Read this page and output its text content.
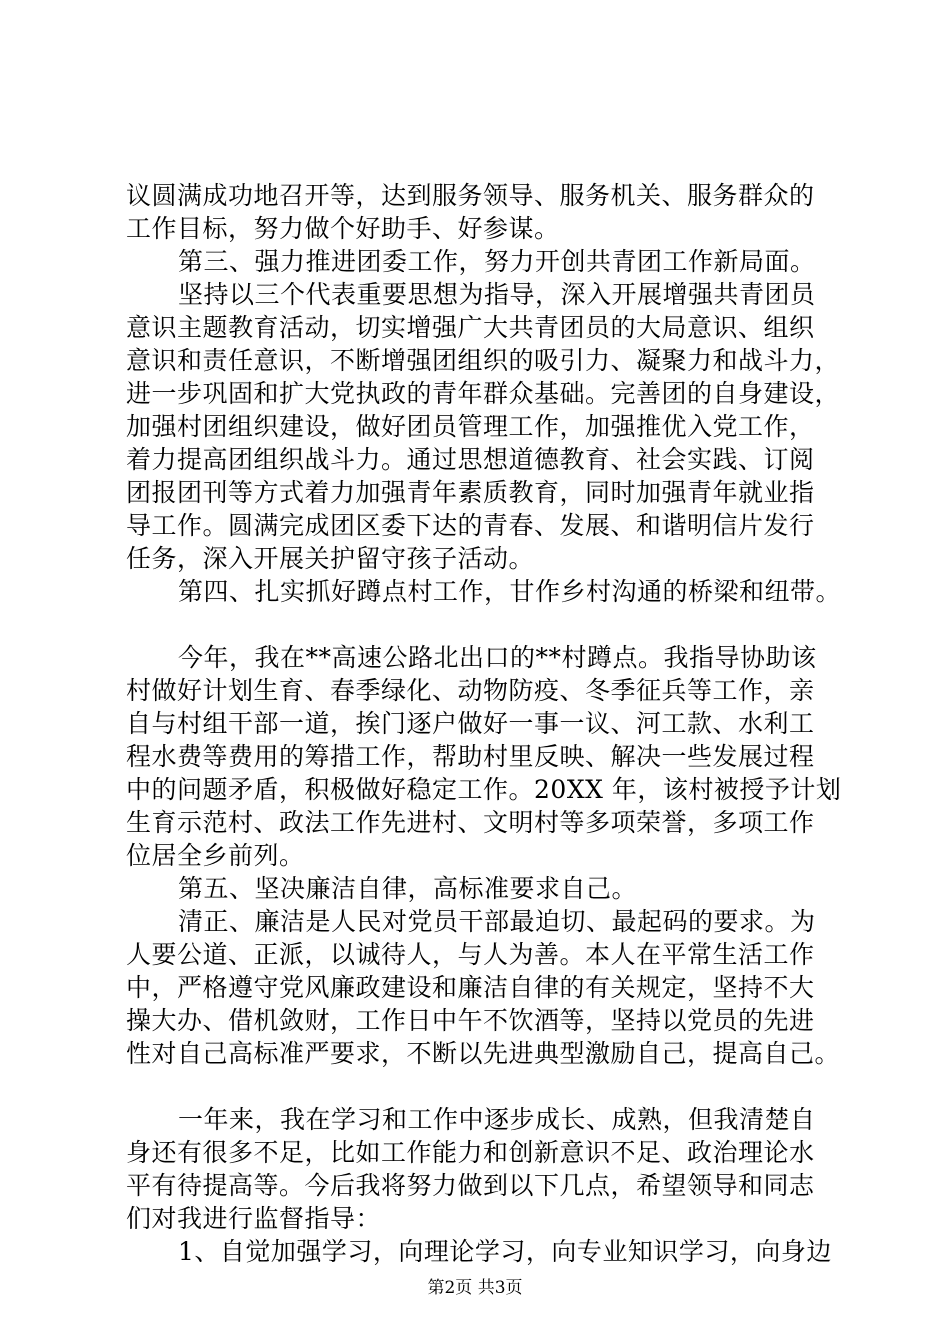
议圆满成功地召开等，达到服务领导、服务机关、服务群众的
工作目标，努力做个好助手、好参谋。
第三、强力推进团委工作，努力开创共青团工作新局面。
坚持以三个代表重要思想为指导，深入开展增强共青团员
意识主题教育活动，切实增强广大共青团员的大局意识、组织
意识和责任意识，不断增强团组织的吸引力、凝聚力和战斗力，
进一步巩固和扩大党执政的青年群众基础。完善团的自身建设，
加强村团组织建设，做好团员管理工作，加强推优入党工作，
着力提高团组织战斗力。通过思想道德教育、社会实践、订阅
团报团刊等方式着力加强青年素质教育，同时加强青年就业指
导工作。圆满完成团区委下达的青春、发展、和谐明信片发行
任务，深入开展关护留守孩子活动。
第四、扎实抓好蹲点村工作，甘作乡村沟通的桥梁和纽带。
今年，我在**高速公路北出口的**村蹲点。我指导协助该
村做好计划生育、春季绿化、动物防疫、冬季征兵等工作，亲
自与村组干部一道，挨门逐户做好一事一议、河工款、水利工
程水费等费用的筹措工作，帮助村里反映、解决一些发展过程
中的问题矛盾，积极做好稳定工作。20XX 年，该村被授予计划
生育示范村、政法工作先进村、文明村等多项荣誉，多项工作
位居全乡前列。
第五、坚决廉洁自律，高标准要求自己。
清正、廉洁是人民对党员干部最迫切、最起码的要求。为
人要公道、正派，以诚待人，与人为善。本人在平常生活工作
中，严格遵守党风廉政建设和廉洁自律的有关规定，坚持不大
操大办、借机敛财，工作日中午不饮酒等，坚持以党员的先进
性对自己高标准严要求，不断以先进典型激励自己，提高自己。
一年来，我在学习和工作中逐步成长、成熟，但我清楚自
身还有很多不足，比如工作能力和创新意识不足、政治理论水
平有待提高等。今后我将努力做到以下几点，希望领导和同志
们对我进行监督指导：
1、自觉加强学习，向理论学习，向专业知识学习，向身边
第2页 共3页
